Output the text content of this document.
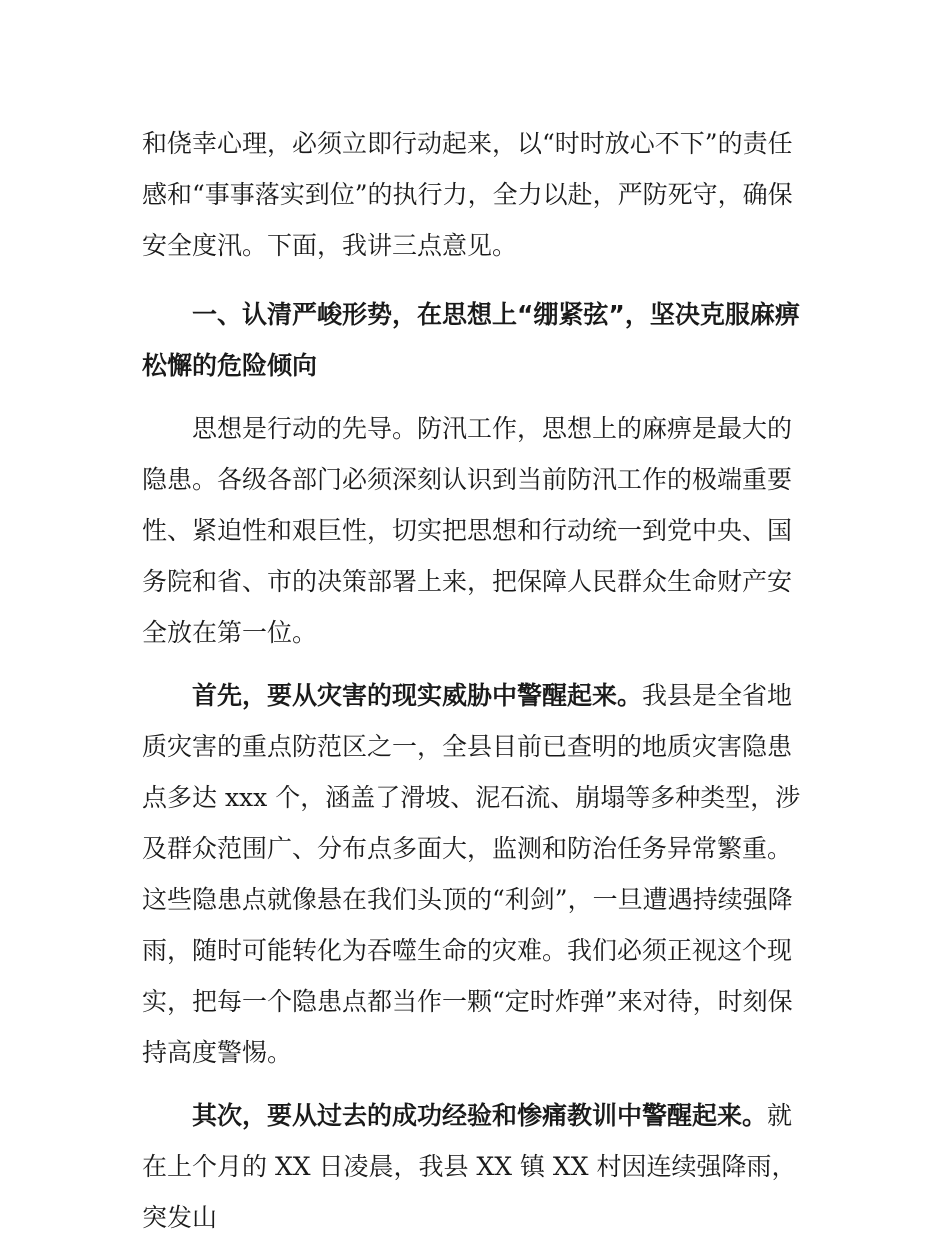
和侥幸心理，必须立即行动起来，以“时时放心不下”的责任感和“事事落实到位”的执行力，全力以赴，严防死守，确保安全度汛。下面，我讲三点意见。

一、认清严峻形势，在思想上“绷紧弦”，坚决克服麻痹松懈的危险倾向

思想是行动的先导。防汛工作，思想上的麻痹是最大的隐患。各级各部门必须深刻认识到当前防汛工作的极端重要性、紧迫性和艰巨性，切实把思想和行动统一到党中央、国务院和省、市的决策部署上来，把保障人民群众生命财产安全放在第一位。

首先，要从灾害的现实威胁中警醒起来。我县是全省地质灾害的重点防范区之一，全县目前已查明的地质灾害隐患点多达 xxx 个，涵盖了滑坡、泥石流、崩塌等多种类型，涉及群众范围广、分布点多面大，监测和防治任务异常繁重。这些隐患点就像悬在我们头顶的“利剑”，一旦遭遇持续强降雨，随时可能转化为吞噬生命的灾难。我们必须正视这个现实，把每一个隐患点都当作一颗“定时炸弹”来对待，时刻保持高度警惕。

其次，要从过去的成功经验和惨痛教训中警醒起来。就在上个月的 XX 日凌晨，我县 XX 镇 XX 村因连续强降雨，突发山
